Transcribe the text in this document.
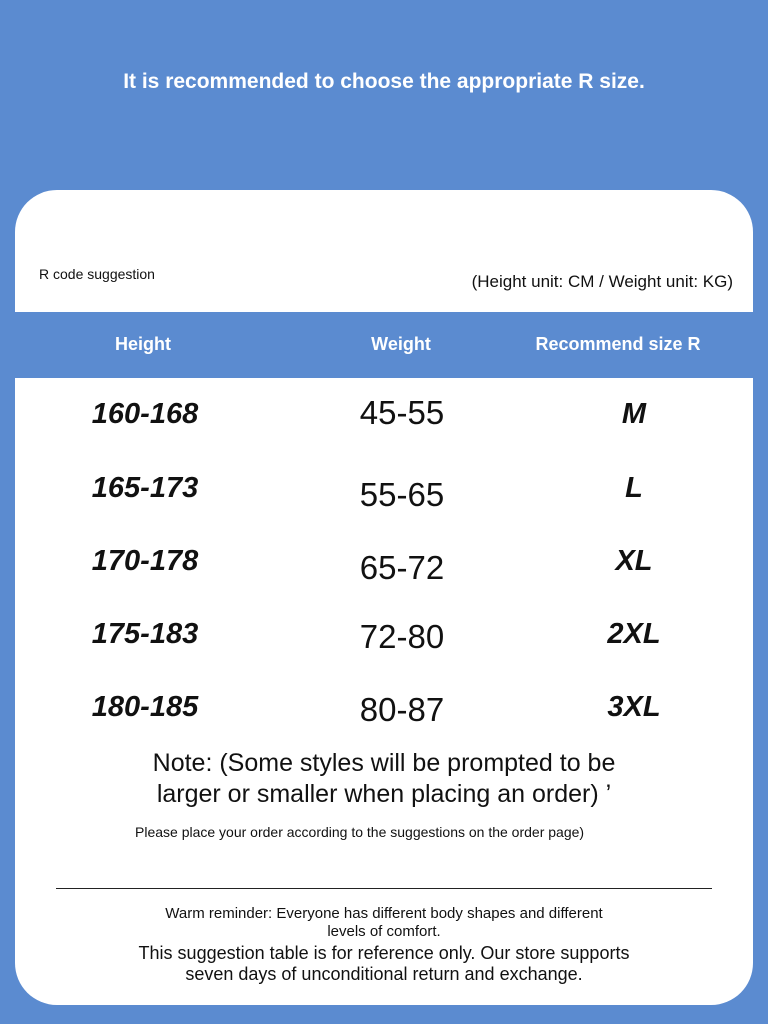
It is recommended to choose the appropriate R size.
R code suggestion	(Height unit: CM / Weight unit: KG)
Height	Weight	Recommend size R
160-168	45-55	M
165-173	55-65	L
170-178	65-72	XL
175-183	72-80	2XL
180-185	80-87	3XL
Note: (Some styles will be prompted to be
larger or smaller when placing an order) ’
Please place your order according to the suggestions on the order page)
Warm reminder: Everyone has different body shapes and different
levels of comfort.
This suggestion table is for reference only. Our store supports
seven days of unconditional return and exchange.
